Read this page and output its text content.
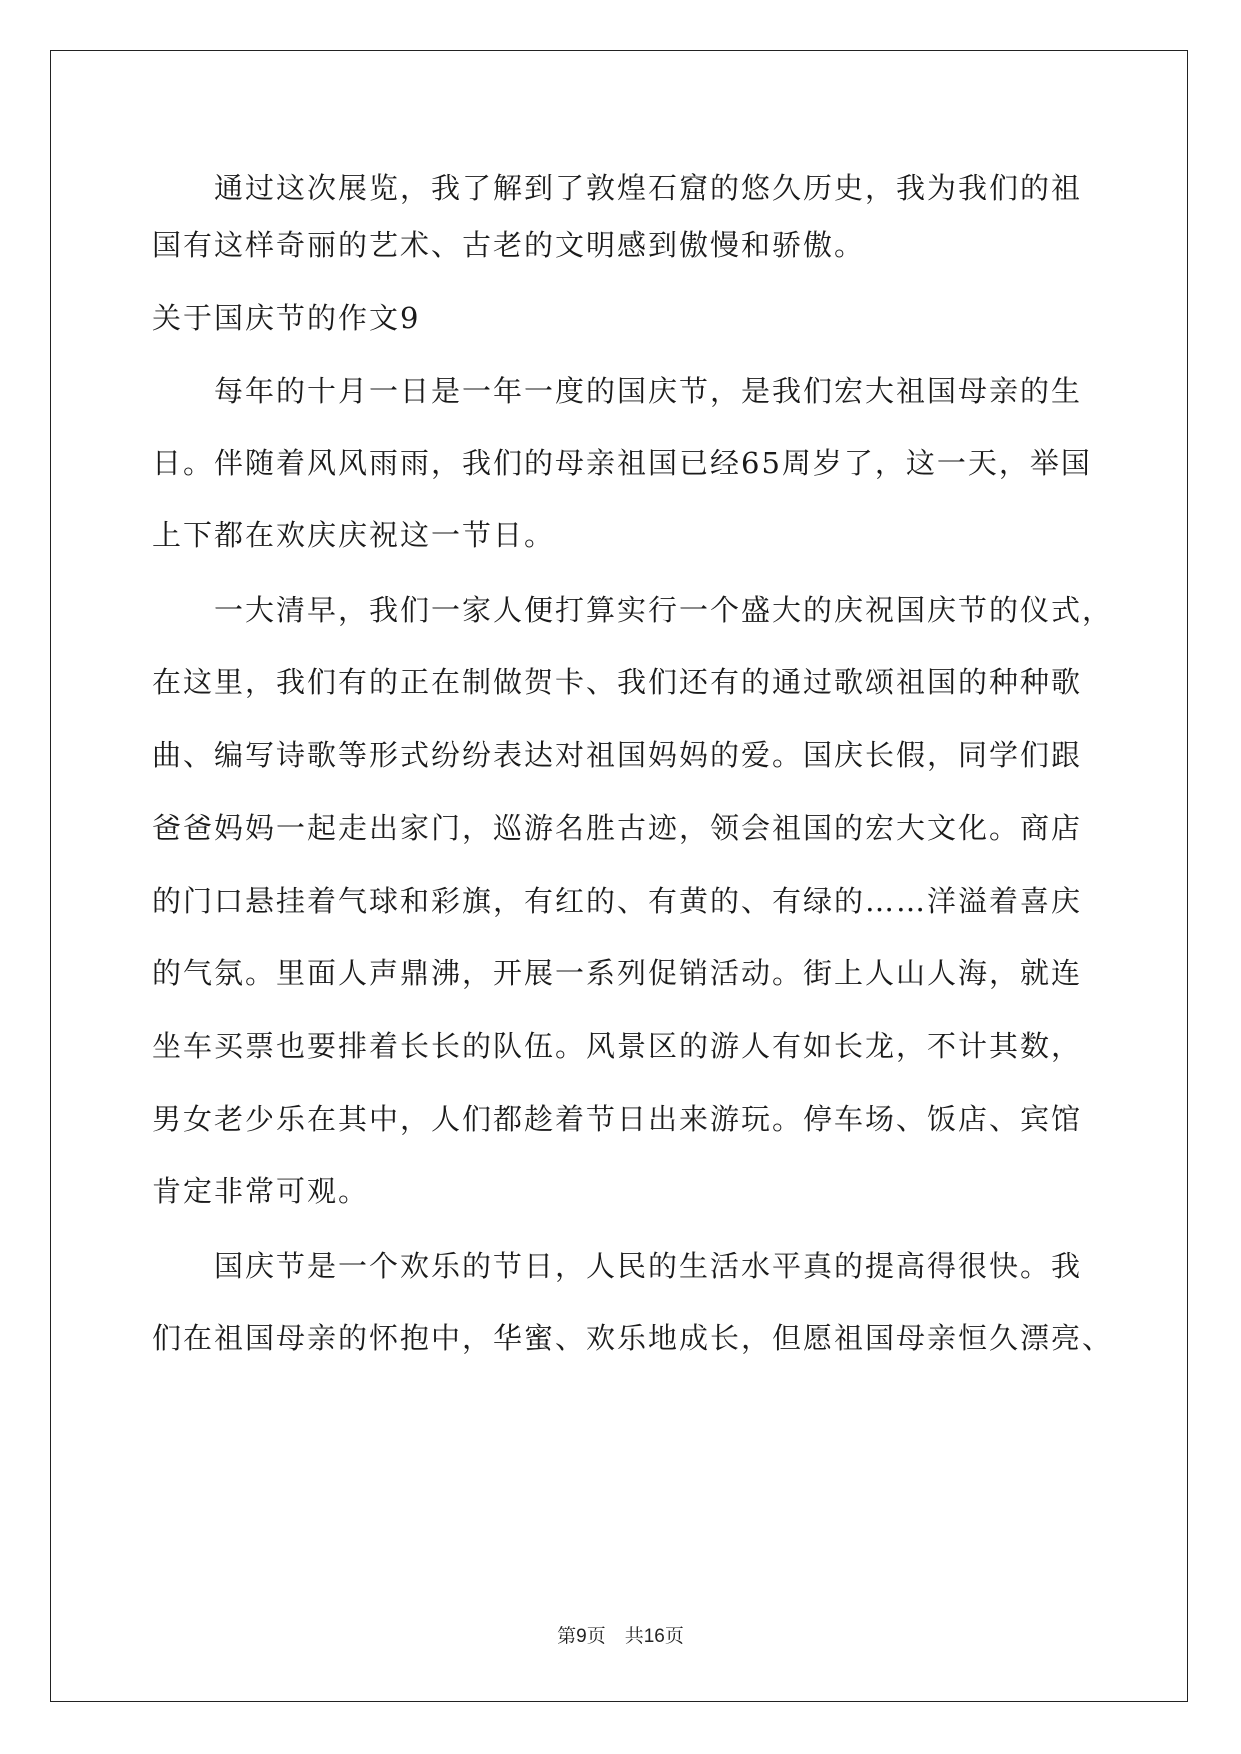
　　通过这次展览，我了解到了敦煌石窟的悠久历史，我为我们的祖
国有这样奇丽的艺术、古老的文明感到傲慢和骄傲。
关于国庆节的作文9
　　每年的十月一日是一年一度的国庆节，是我们宏大祖国母亲的生
日。伴随着风风雨雨，我们的母亲祖国已经65周岁了，这一天，举国
上下都在欢庆庆祝这一节日。
　　一大清早，我们一家人便打算实行一个盛大的庆祝国庆节的仪式，
在这里，我们有的正在制做贺卡、我们还有的通过歌颂祖国的种种歌
曲、编写诗歌等形式纷纷表达对祖国妈妈的爱。国庆长假，同学们跟
爸爸妈妈一起走出家门，巡游名胜古迹，领会祖国的宏大文化。商店
的门口悬挂着气球和彩旗，有红的、有黄的、有绿的……洋溢着喜庆
的气氛。里面人声鼎沸，开展一系列促销活动。街上人山人海，就连
坐车买票也要排着长长的队伍。风景区的游人有如长龙，不计其数，
男女老少乐在其中，人们都趁着节日出来游玩。停车场、饭店、宾馆
肯定非常可观。
　　国庆节是一个欢乐的节日，人民的生活水平真的提高得很快。我
们在祖国母亲的怀抱中，华蜜、欢乐地成长，但愿祖国母亲恒久漂亮、
第9页　共16页
